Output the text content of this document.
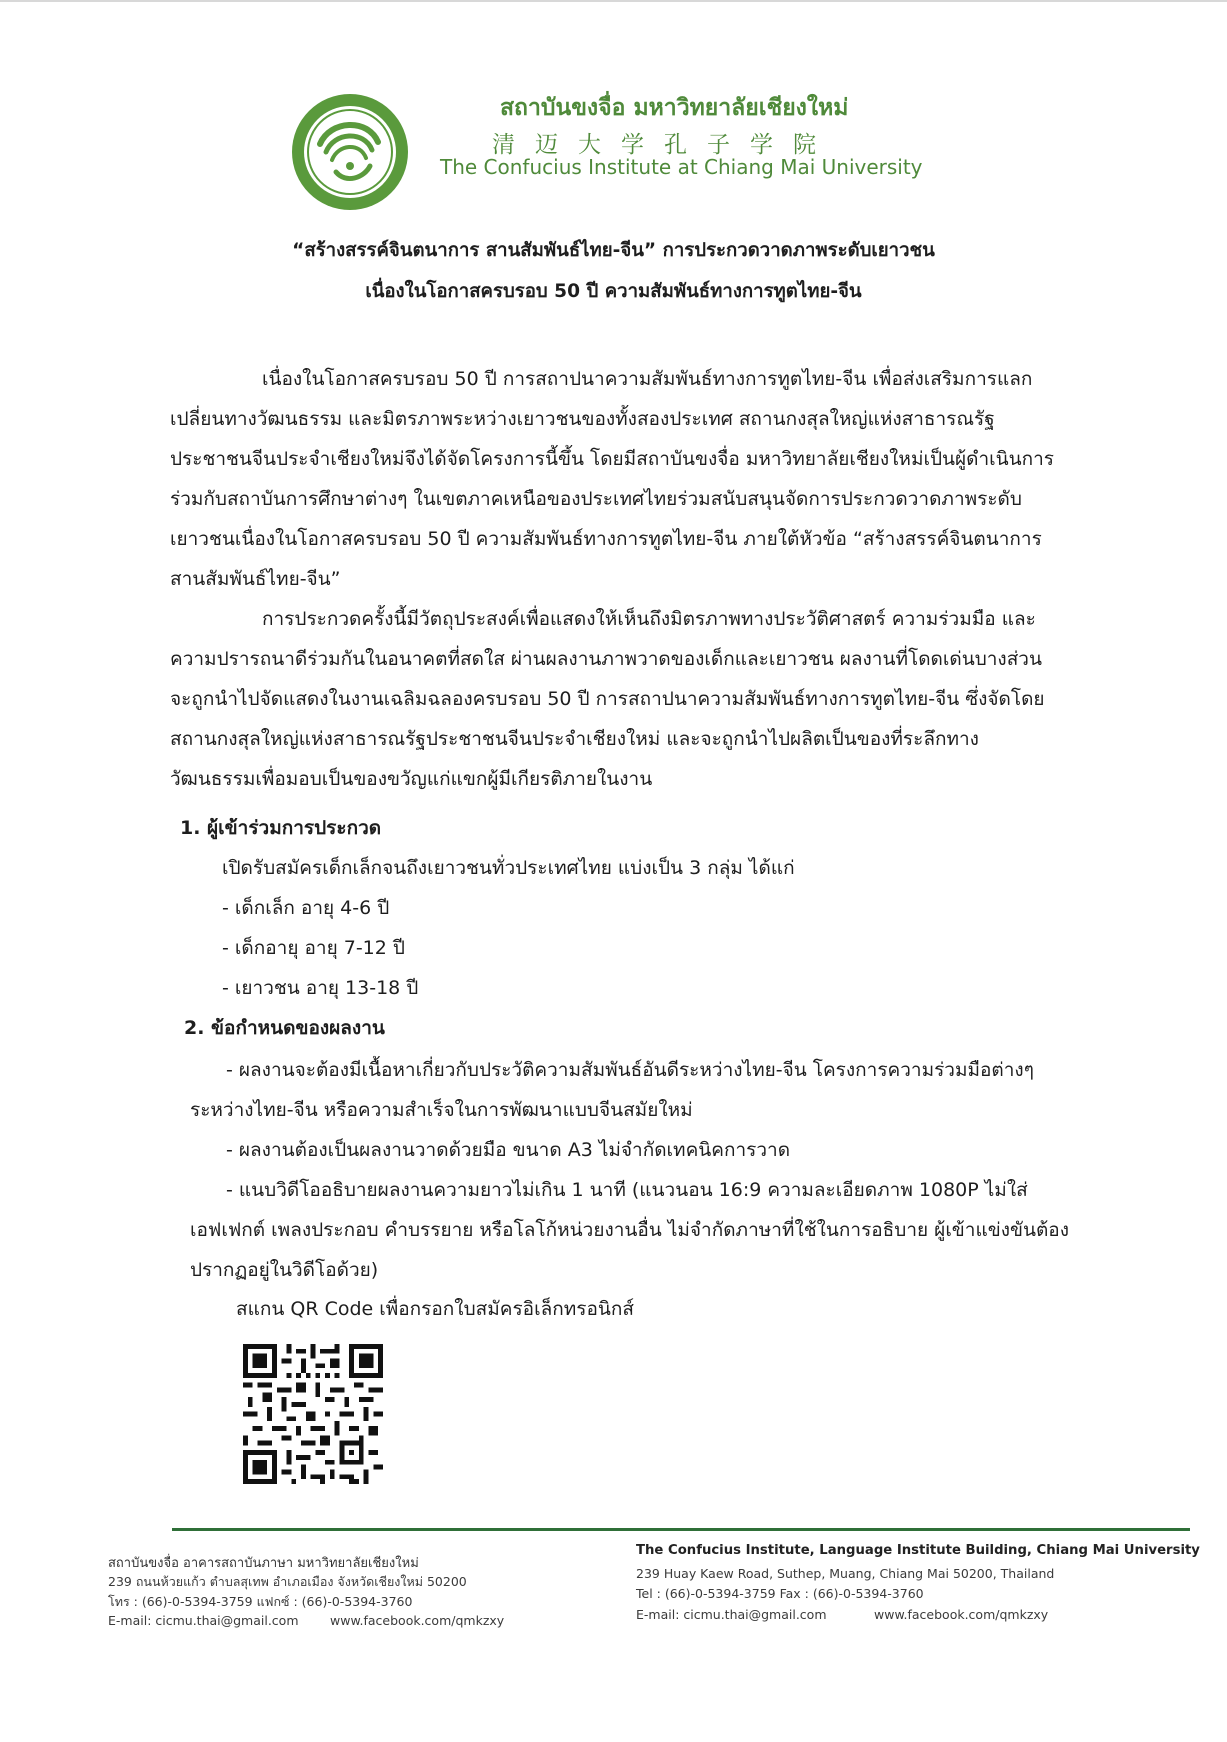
สถาบันขงจื่อ มหาวิทยาลัยเชียงใหม่
清迈大学孔子学院
The Confucius Institute at Chiang Mai University
“สร้างสรรค์จินตนาการ สานสัมพันธ์ไทย-จีน” การประกวดวาดภาพระดับเยาวชน
เนื่องในโอกาสครบรอบ 50 ปี ความสัมพันธ์ทางการทูตไทย-จีน
เนื่องในโอกาสครบรอบ 50 ปี การสถาปนาความสัมพันธ์ทางการทูตไทย-จีน เพื่อส่งเสริมการแลก
เปลี่ยนทางวัฒนธรรม และมิตรภาพระหว่างเยาวชนของทั้งสองประเทศ สถานกงสุลใหญ่แห่งสาธารณรัฐ
ประชาชนจีนประจำเชียงใหม่จึงได้จัดโครงการนี้ขึ้น โดยมีสถาบันขงจื่อ มหาวิทยาลัยเชียงใหม่เป็นผู้ดำเนินการ
ร่วมกับสถาบันการศึกษาต่างๆ ในเขตภาคเหนือของประเทศไทยร่วมสนับสนุนจัดการประกวดวาดภาพระดับ
เยาวชนเนื่องในโอกาสครบรอบ 50 ปี ความสัมพันธ์ทางการทูตไทย-จีน ภายใต้หัวข้อ “สร้างสรรค์จินตนาการ
สานสัมพันธ์ไทย-จีน”
การประกวดครั้งนี้มีวัตถุประสงค์เพื่อแสดงให้เห็นถึงมิตรภาพทางประวัติศาสตร์ ความร่วมมือ และ
ความปรารถนาดีร่วมกันในอนาคตที่สดใส ผ่านผลงานภาพวาดของเด็กและเยาวชน ผลงานที่โดดเด่นบางส่วน
จะถูกนำไปจัดแสดงในงานเฉลิมฉลองครบรอบ 50 ปี การสถาปนาความสัมพันธ์ทางการทูตไทย-จีน ซึ่งจัดโดย
สถานกงสุลใหญ่แห่งสาธารณรัฐประชาชนจีนประจำเชียงใหม่ และจะถูกนำไปผลิตเป็นของที่ระลึกทาง
วัฒนธรรมเพื่อมอบเป็นของขวัญแก่แขกผู้มีเกียรติภายในงาน
1. ผู้เข้าร่วมการประกวด
เปิดรับสมัครเด็กเล็กจนถึงเยาวชนทั่วประเทศไทย แบ่งเป็น 3 กลุ่ม ได้แก่
- เด็กเล็ก อายุ 4-6 ปี
- เด็กอายุ อายุ 7-12 ปี
- เยาวชน อายุ 13-18 ปี
2. ข้อกำหนดของผลงาน
- ผลงานจะต้องมีเนื้อหาเกี่ยวกับประวัติความสัมพันธ์อันดีระหว่างไทย-จีน โครงการความร่วมมือต่างๆ
ระหว่างไทย-จีน หรือความสำเร็จในการพัฒนาแบบจีนสมัยใหม่
- ผลงานต้องเป็นผลงานวาดด้วยมือ ขนาด A3 ไม่จำกัดเทคนิคการวาด
- แนบวิดีโออธิบายผลงานความยาวไม่เกิน 1 นาที (แนวนอน 16:9 ความละเอียดภาพ 1080P ไม่ใส่
เอฟเฟกต์ เพลงประกอบ คำบรรยาย หรือโลโก้หน่วยงานอื่น ไม่จำกัดภาษาที่ใช้ในการอธิบาย ผู้เข้าแข่งขันต้อง
ปรากฏอยู่ในวิดีโอด้วย)
สแกน QR Code เพื่อกรอกใบสมัครอิเล็กทรอนิกส์
สถาบันขงจื่อ อาคารสถาบันภาษา มหาวิทยาลัยเชียงใหม่
239 ถนนห้วยแก้ว ตำบลสุเทพ อำเภอเมือง จังหวัดเชียงใหม่ 50200
โทร : (66)-0-5394-3759 แฟกซ์ : (66)-0-5394-3760
E-mail: cicmu.thai@gmail.com	www.facebook.com/qmkzxy
The Confucius Institute, Language Institute Building, Chiang Mai University
239 Huay Kaew Road, Suthep, Muang, Chiang Mai 50200, Thailand
Tel : (66)-0-5394-3759 Fax : (66)-0-5394-3760
E-mail: cicmu.thai@gmail.com	www.facebook.com/qmkzxy
